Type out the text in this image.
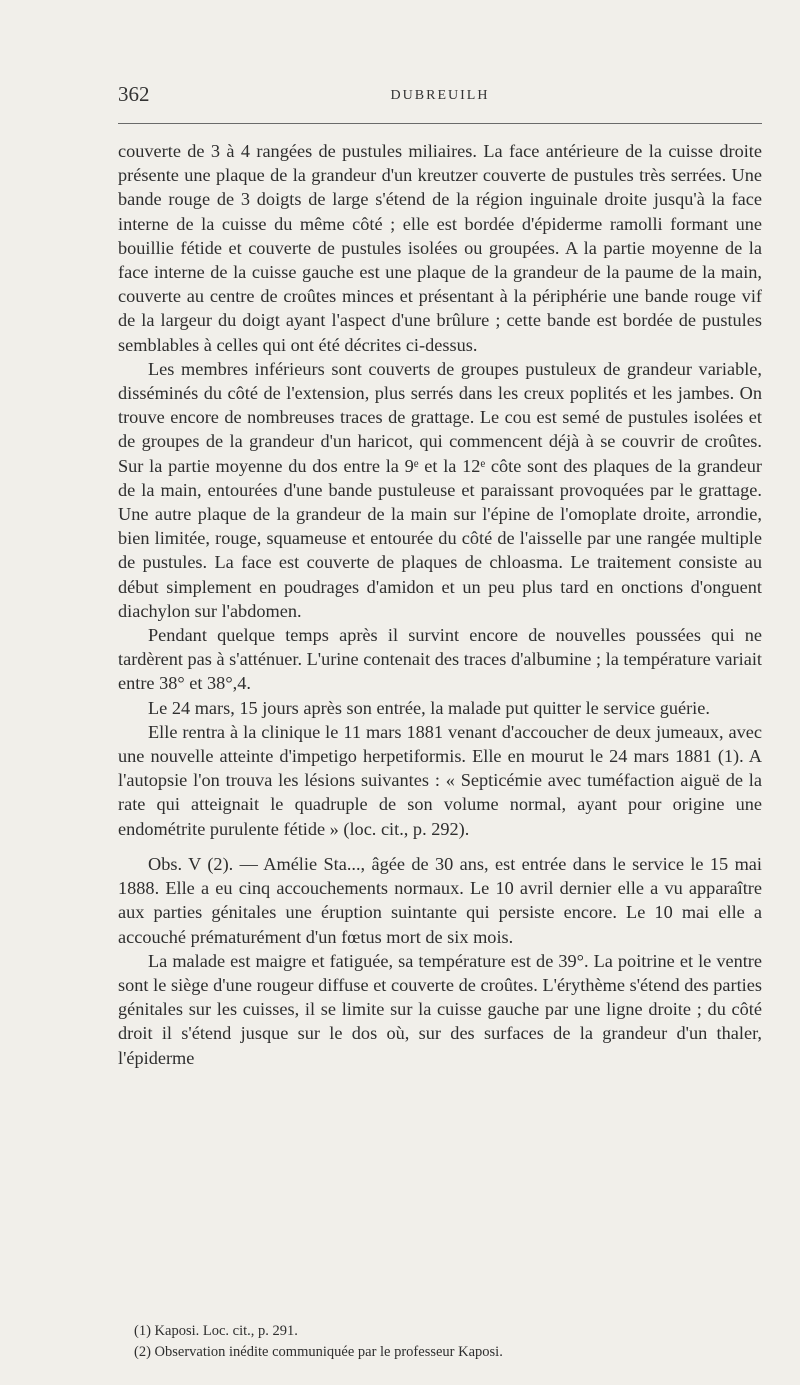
362	DUBREUILH

couverte de 3 à 4 rangées de pustules miliaires. La face antérieure de la cuisse droite présente une plaque de la grandeur d'un kreutzer couverte de pustules très serrées. Une bande rouge de 3 doigts de large s'étend de la région inguinale droite jusqu'à la face interne de la cuisse du même côté ; elle est bordée d'épiderme ramolli formant une bouillie fétide et couverte de pustules isolées ou groupées. A la partie moyenne de la face interne de la cuisse gauche est une plaque de la grandeur de la paume de la main, couverte au centre de croûtes minces et présentant à la périphérie une bande rouge vif de la largeur du doigt ayant l'aspect d'une brûlure ; cette bande est bordée de pustules semblables à celles qui ont été décrites ci-dessus.

Les membres inférieurs sont couverts de groupes pustuleux de grandeur variable, disséminés du côté de l'extension, plus serrés dans les creux poplités et les jambes. On trouve encore de nombreuses traces de grattage. Le cou est semé de pustules isolées et de groupes de la grandeur d'un haricot, qui commencent déjà à se couvrir de croûtes. Sur la partie moyenne du dos entre la 9ᵉ et la 12ᵉ côte sont des plaques de la grandeur de la main, entourées d'une bande pustuleuse et paraissant provoquées par le grattage. Une autre plaque de la grandeur de la main sur l'épine de l'omoplate droite, arrondie, bien limitée, rouge, squameuse et entourée du côté de l'aisselle par une rangée multiple de pustules. La face est couverte de plaques de chloasma. Le traitement consiste au début simplement en poudrages d'amidon et un peu plus tard en onctions d'onguent diachylon sur l'abdomen.

Pendant quelque temps après il survint encore de nouvelles poussées qui ne tardèrent pas à s'atténuer. L'urine contenait des traces d'albumine ; la température variait entre 38° et 38°,4.

Le 24 mars, 15 jours après son entrée, la malade put quitter le service guérie.

Elle rentra à la clinique le 11 mars 1881 venant d'accoucher de deux jumeaux, avec une nouvelle atteinte d'impetigo herpetiformis. Elle en mourut le 24 mars 1881 (1). A l'autopsie l'on trouva les lésions suivantes : « Septicémie avec tuméfaction aiguë de la rate qui atteignait le quadruple de son volume normal, ayant pour origine une endométrite purulente fétide » (loc. cit., p. 292).

Obs. V (2). — Amélie Sta..., âgée de 30 ans, est entrée dans le service le 15 mai 1888. Elle a eu cinq accouchements normaux. Le 10 avril dernier elle a vu apparaître aux parties génitales une éruption suintante qui persiste encore. Le 10 mai elle a accouché prématurément d'un fœtus mort de six mois.

La malade est maigre et fatiguée, sa température est de 39°. La poitrine et le ventre sont le siège d'une rougeur diffuse et couverte de croûtes. L'érythème s'étend des parties génitales sur les cuisses, il se limite sur la cuisse gauche par une ligne droite ; du côté droit il s'étend jusque sur le dos où, sur des surfaces de la grandeur d'un thaler, l'épiderme

(1) Kaposi. Loc. cit., p. 291.

(2) Observation inédite communiquée par le professeur Kaposi.
